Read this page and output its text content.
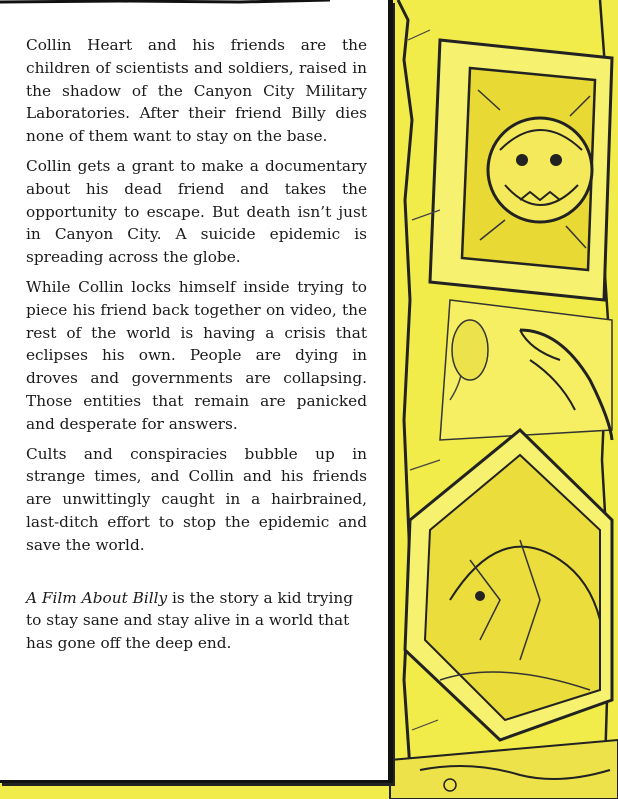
Collin Heart and his friends are the children of scientists and soldiers, raised in the shadow of the Canyon City Military Laboratories. After their friend Billy dies none of them want to stay on the base.

Collin gets a grant to make a documentary about his dead friend and takes the opportunity to escape. But death isn’t just in Canyon City. A suicide epidemic is spreading across the globe.

While Collin locks himself inside trying to piece his friend back together on video, the rest of the world is having a crisis that eclipses his own. People are dying in droves and governments are collapsing. Those entities that remain are panicked and desperate for answers.

Cults and conspiracies bubble up in strange times, and Collin and his friends are unwittingly caught in a hairbrained, last-ditch effort to stop the epidemic and save the world.

A Film About Billy is the story a kid trying to stay sane and stay alive in a world that has gone off the deep end.
